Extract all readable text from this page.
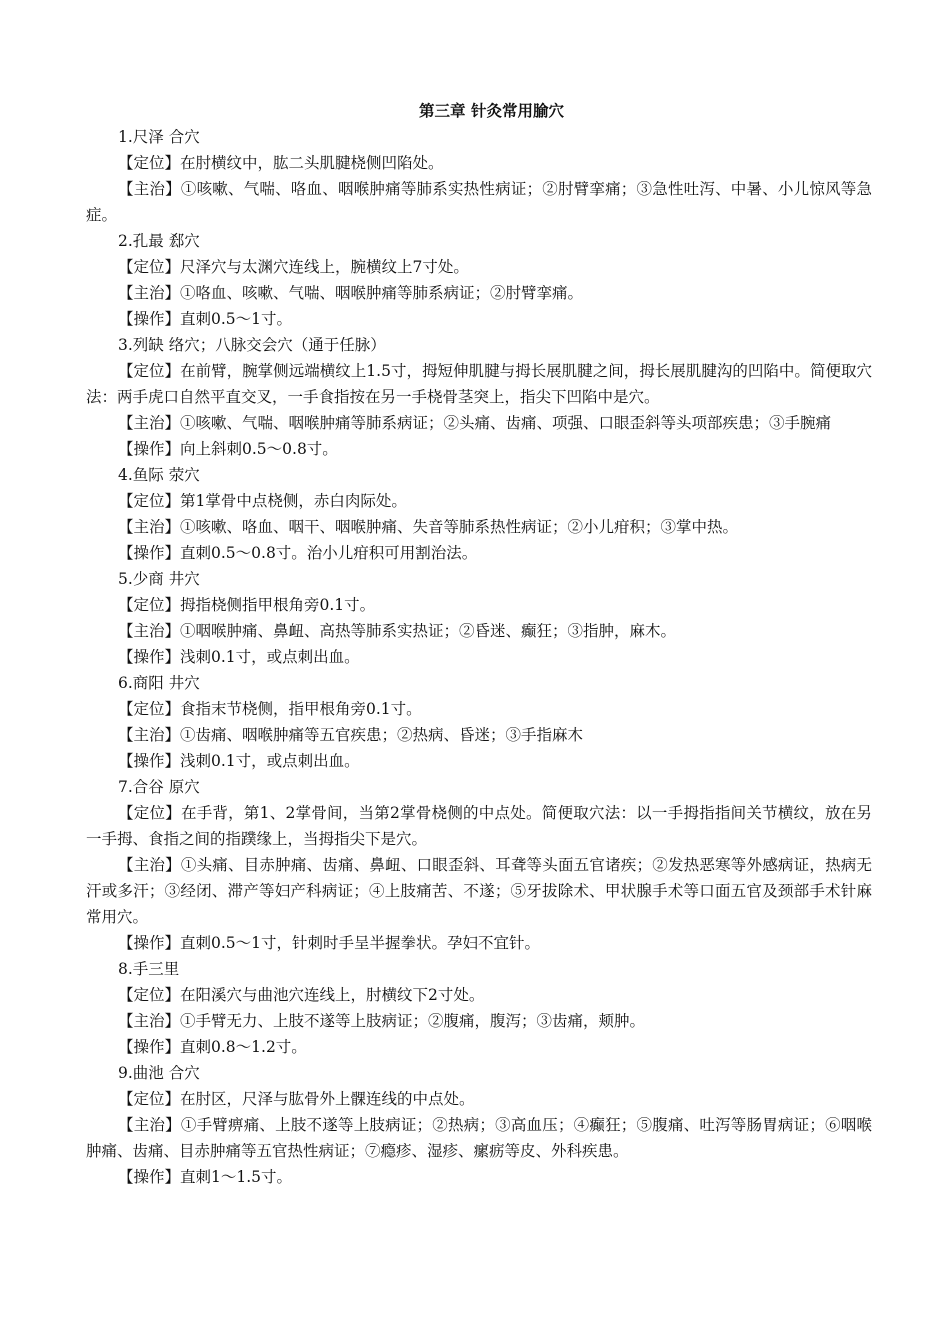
第三章 针灸常用腧穴

1.尺泽 合穴

【定位】在肘横纹中，肱二头肌腱桡侧凹陷处。

【主治】①咳嗽、气喘、咯血、咽喉肿痛等肺系实热性病证；②肘臂挛痛；③急性吐泻、中暑、小儿惊风等急症。

2.孔最 郄穴

【定位】尺泽穴与太渊穴连线上，腕横纹上7寸处。

【主治】①咯血、咳嗽、气喘、咽喉肿痛等肺系病证；②肘臂挛痛。

【操作】直刺0.5～1寸。

3.列缺 络穴；八脉交会穴（通于任脉）

【定位】在前臂，腕掌侧远端横纹上1.5寸，拇短伸肌腱与拇长展肌腱之间，拇长展肌腱沟的凹陷中。简便取穴法：两手虎口自然平直交叉，一手食指按在另一手桡骨茎突上，指尖下凹陷中是穴。

【主治】①咳嗽、气喘、咽喉肿痛等肺系病证；②头痛、齿痛、项强、口眼歪斜等头项部疾患；③手腕痛

【操作】向上斜刺0.5～0.8寸。

4.鱼际 荥穴

【定位】第1掌骨中点桡侧，赤白肉际处。

【主治】①咳嗽、咯血、咽干、咽喉肿痛、失音等肺系热性病证；②小儿疳积；③掌中热。

【操作】直刺0.5～0.8寸。治小儿疳积可用割治法。

5.少商 井穴

【定位】拇指桡侧指甲根角旁0.1寸。

【主治】①咽喉肿痛、鼻衄、高热等肺系实热证；②昏迷、癫狂；③指肿，麻木。

【操作】浅刺0.1寸，或点刺出血。

6.商阳 井穴

【定位】食指末节桡侧，指甲根角旁0.1寸。

【主治】①齿痛、咽喉肿痛等五官疾患；②热病、昏迷；③手指麻木

【操作】浅刺0.1寸，或点刺出血。

7.合谷 原穴

【定位】在手背，第1、2掌骨间，当第2掌骨桡侧的中点处。简便取穴法：以一手拇指指间关节横纹，放在另一手拇、食指之间的指蹼缘上，当拇指尖下是穴。

【主治】①头痛、目赤肿痛、齿痛、鼻衄、口眼歪斜、耳聋等头面五官诸疾；②发热恶寒等外感病证，热病无汗或多汗；③经闭、滞产等妇产科病证；④上肢痛苦、不遂；⑤牙拔除术、甲状腺手术等口面五官及颈部手术针麻常用穴。

【操作】直刺0.5～1寸，针刺时手呈半握拳状。孕妇不宜针。

8.手三里

【定位】在阳溪穴与曲池穴连线上，肘横纹下2寸处。

【主治】①手臂无力、上肢不遂等上肢病证；②腹痛，腹泻；③齿痛，颊肿。

【操作】直刺0.8～1.2寸。

9.曲池 合穴

【定位】在肘区，尺泽与肱骨外上髁连线的中点处。

【主治】①手臂痹痛、上肢不遂等上肢病证；②热病；③高血压；④癫狂；⑤腹痛、吐泻等肠胃病证；⑥咽喉肿痛、齿痛、目赤肿痛等五官热性病证；⑦瘾疹、湿疹、瘰疬等皮、外科疾患。

【操作】直刺1～1.5寸。
